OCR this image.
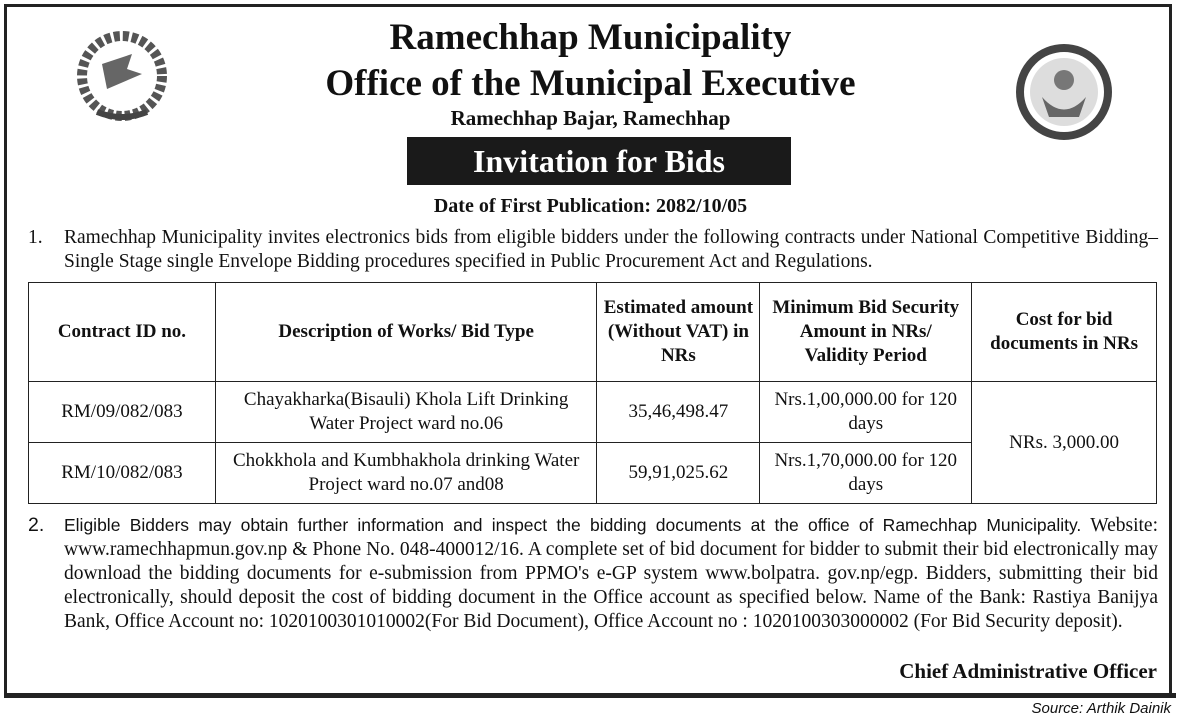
Ramechhap Municipality
Office of the Municipal Executive
Ramechhap Bajar, Ramechhap
Invitation for Bids
Date of First Publication: 2082/10/05
1. Ramechhap Municipality invites electronics bids from eligible bidders under the following contracts under National Competitive Bidding–Single Stage single Envelope Bidding procedures specified in Public Procurement Act and Regulations.
Contract ID no.	Description of Works/ Bid Type	Estimated amount (Without VAT) in NRs	Minimum Bid Security Amount in NRs/ Validity Period	Cost for bid documents in NRs
RM/09/082/083	Chayakharka(Bisauli) Khola Lift Drinking Water Project ward no.06	35,46,498.47	Nrs.1,00,000.00 for 120 days	NRs. 3,000.00
RM/10/082/083	Chokkhola and Kumbhakhola drinking Water Project ward no.07 and08	59,91,025.62	Nrs.1,70,000.00 for 120 days	
2. Eligible Bidders may obtain further information and inspect the bidding documents at the office of Ramechhap Municipality. Website: www.ramechhapmun.gov.np & Phone No. 048-400012/16. A complete set of bid document for bidder to submit their bid electronically may download the bidding documents for e-submission from PPMO's e-GP system www.bolpatra. gov.np/egp. Bidders, submitting their bid electronically, should deposit the cost of bidding document in the Office account as specified below. Name of the Bank: Rastiya Banijya Bank, Office Account no: 1020100301010002(For Bid Document), Office Account no : 1020100303000002 (For Bid Security deposit).
Chief Administrative Officer
Source: Arthik Dainik
